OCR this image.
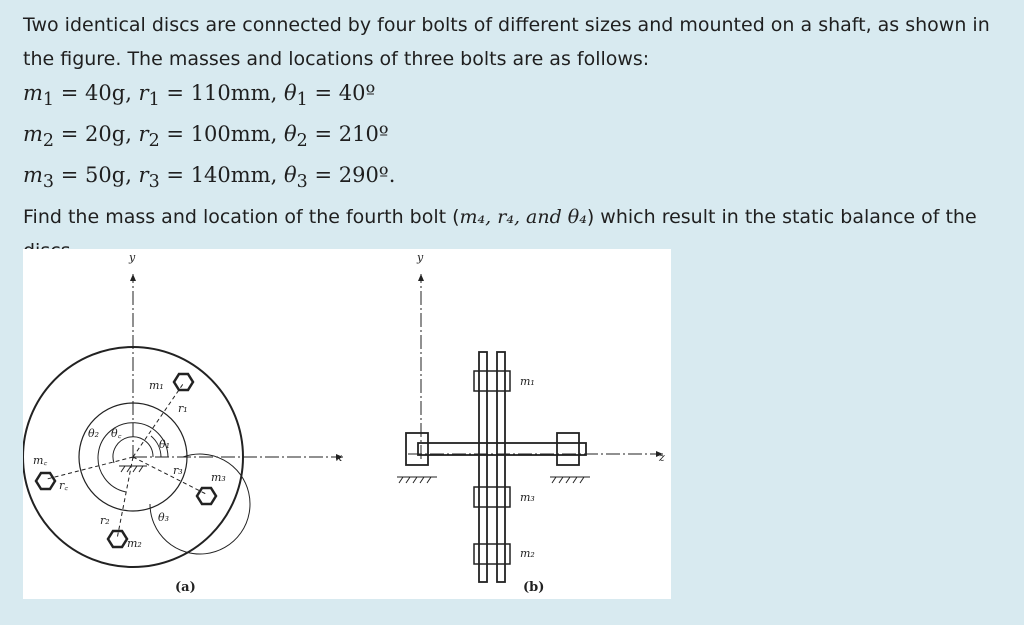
Two identical discs are connected by four bolts of different sizes and mounted on a shaft, as shown in the figure. The masses and locations of three bolts are as follows:

$m_1 = 40g$, $r_1 = 110mm$, $\theta_1$ = 40º

$m_2 = 20g$, $r_2 = 100mm$, $\theta_2$ = 210º

$m_3 = 50g$, $r_3 = 140mm$, $\theta_3$ = 290º.

Find the mass and location of the fourth bolt (m₄, r₄, and θ₄) which result in the static balance of the

y
x
m₁
r₁
m₂
r₂
m₃
r₃
m꜀
r꜀
θ₁
θ₂
θ₃
θ꜀
(a)
y
z
m₁
m₃
m₂
(b)
